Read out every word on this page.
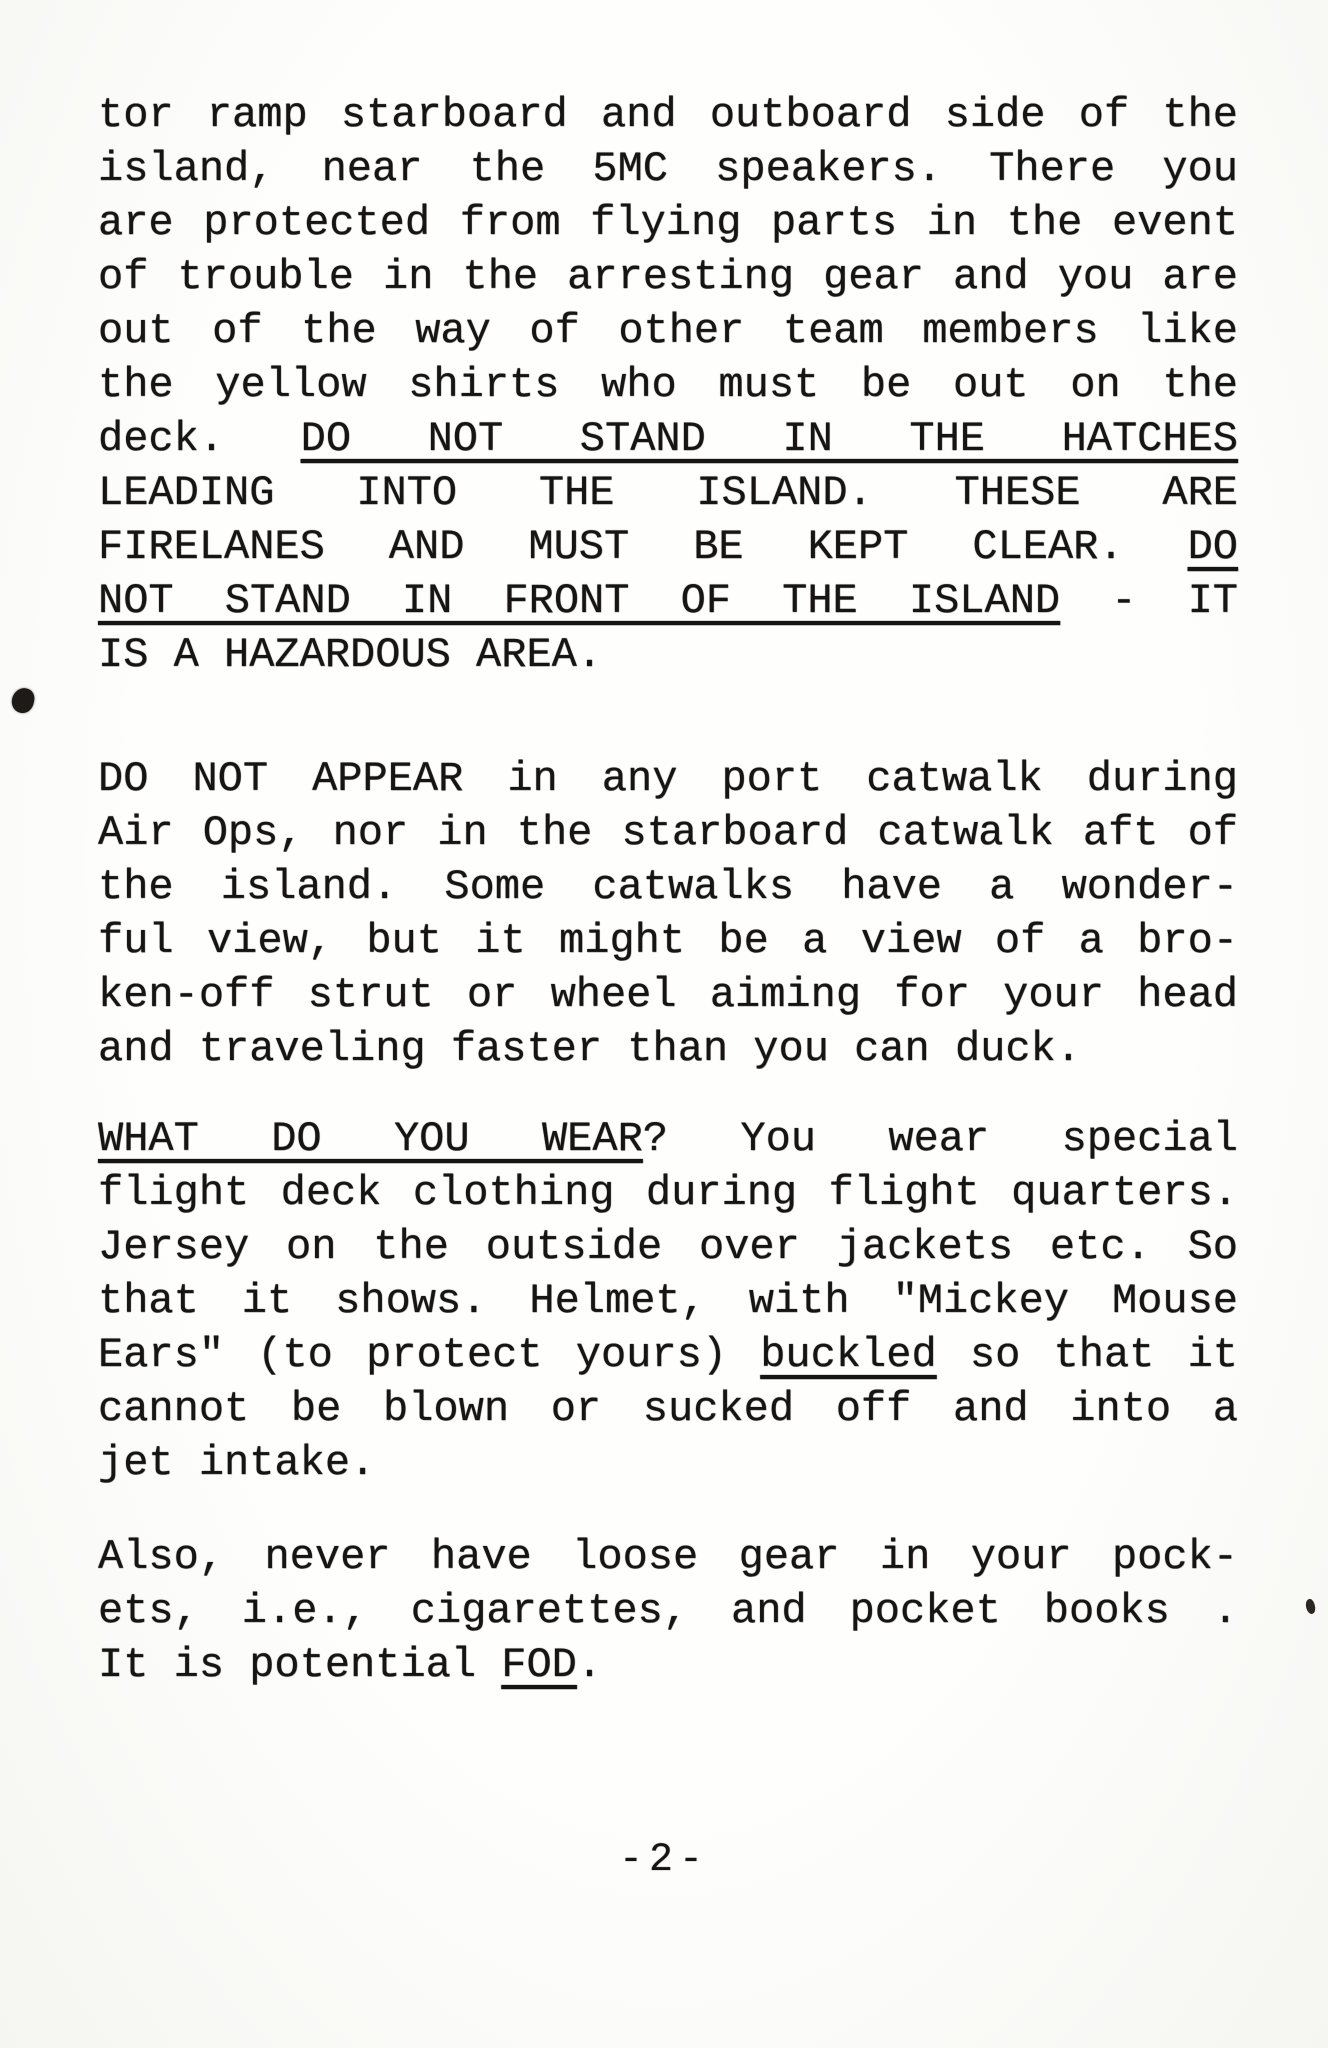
tor ramp starboard and outboard side of the
island, near the 5MC speakers. There you
are protected from flying parts in the event
of trouble in the arresting gear and you are
out of the way of other team members like
the yellow shirts who must be out on the
deck. DO NOT STAND IN THE HATCHES
LEADING INTO THE ISLAND. THESE ARE
FIRELANES AND MUST BE KEPT CLEAR. DO
NOT STAND IN FRONT OF THE ISLAND - IT
IS A HAZARDOUS AREA.
DO NOT APPEAR in any port catwalk during
Air Ops, nor in the starboard catwalk aft of
the island. Some catwalks have a wonder-
ful view, but it might be a view of a bro-
ken-off strut or wheel aiming for your head
and traveling faster than you can duck.
WHAT DO YOU WEAR? You wear special
flight deck clothing during flight quarters.
Jersey on the outside over jackets etc. So
that it shows. Helmet, with "Mickey Mouse
Ears" (to protect yours) buckled so that it
cannot be blown or sucked off and into a
jet intake.
Also, never have loose gear in your pock-
ets, i.e., cigarettes, and pocket books .
It is potential FOD.
-2-
